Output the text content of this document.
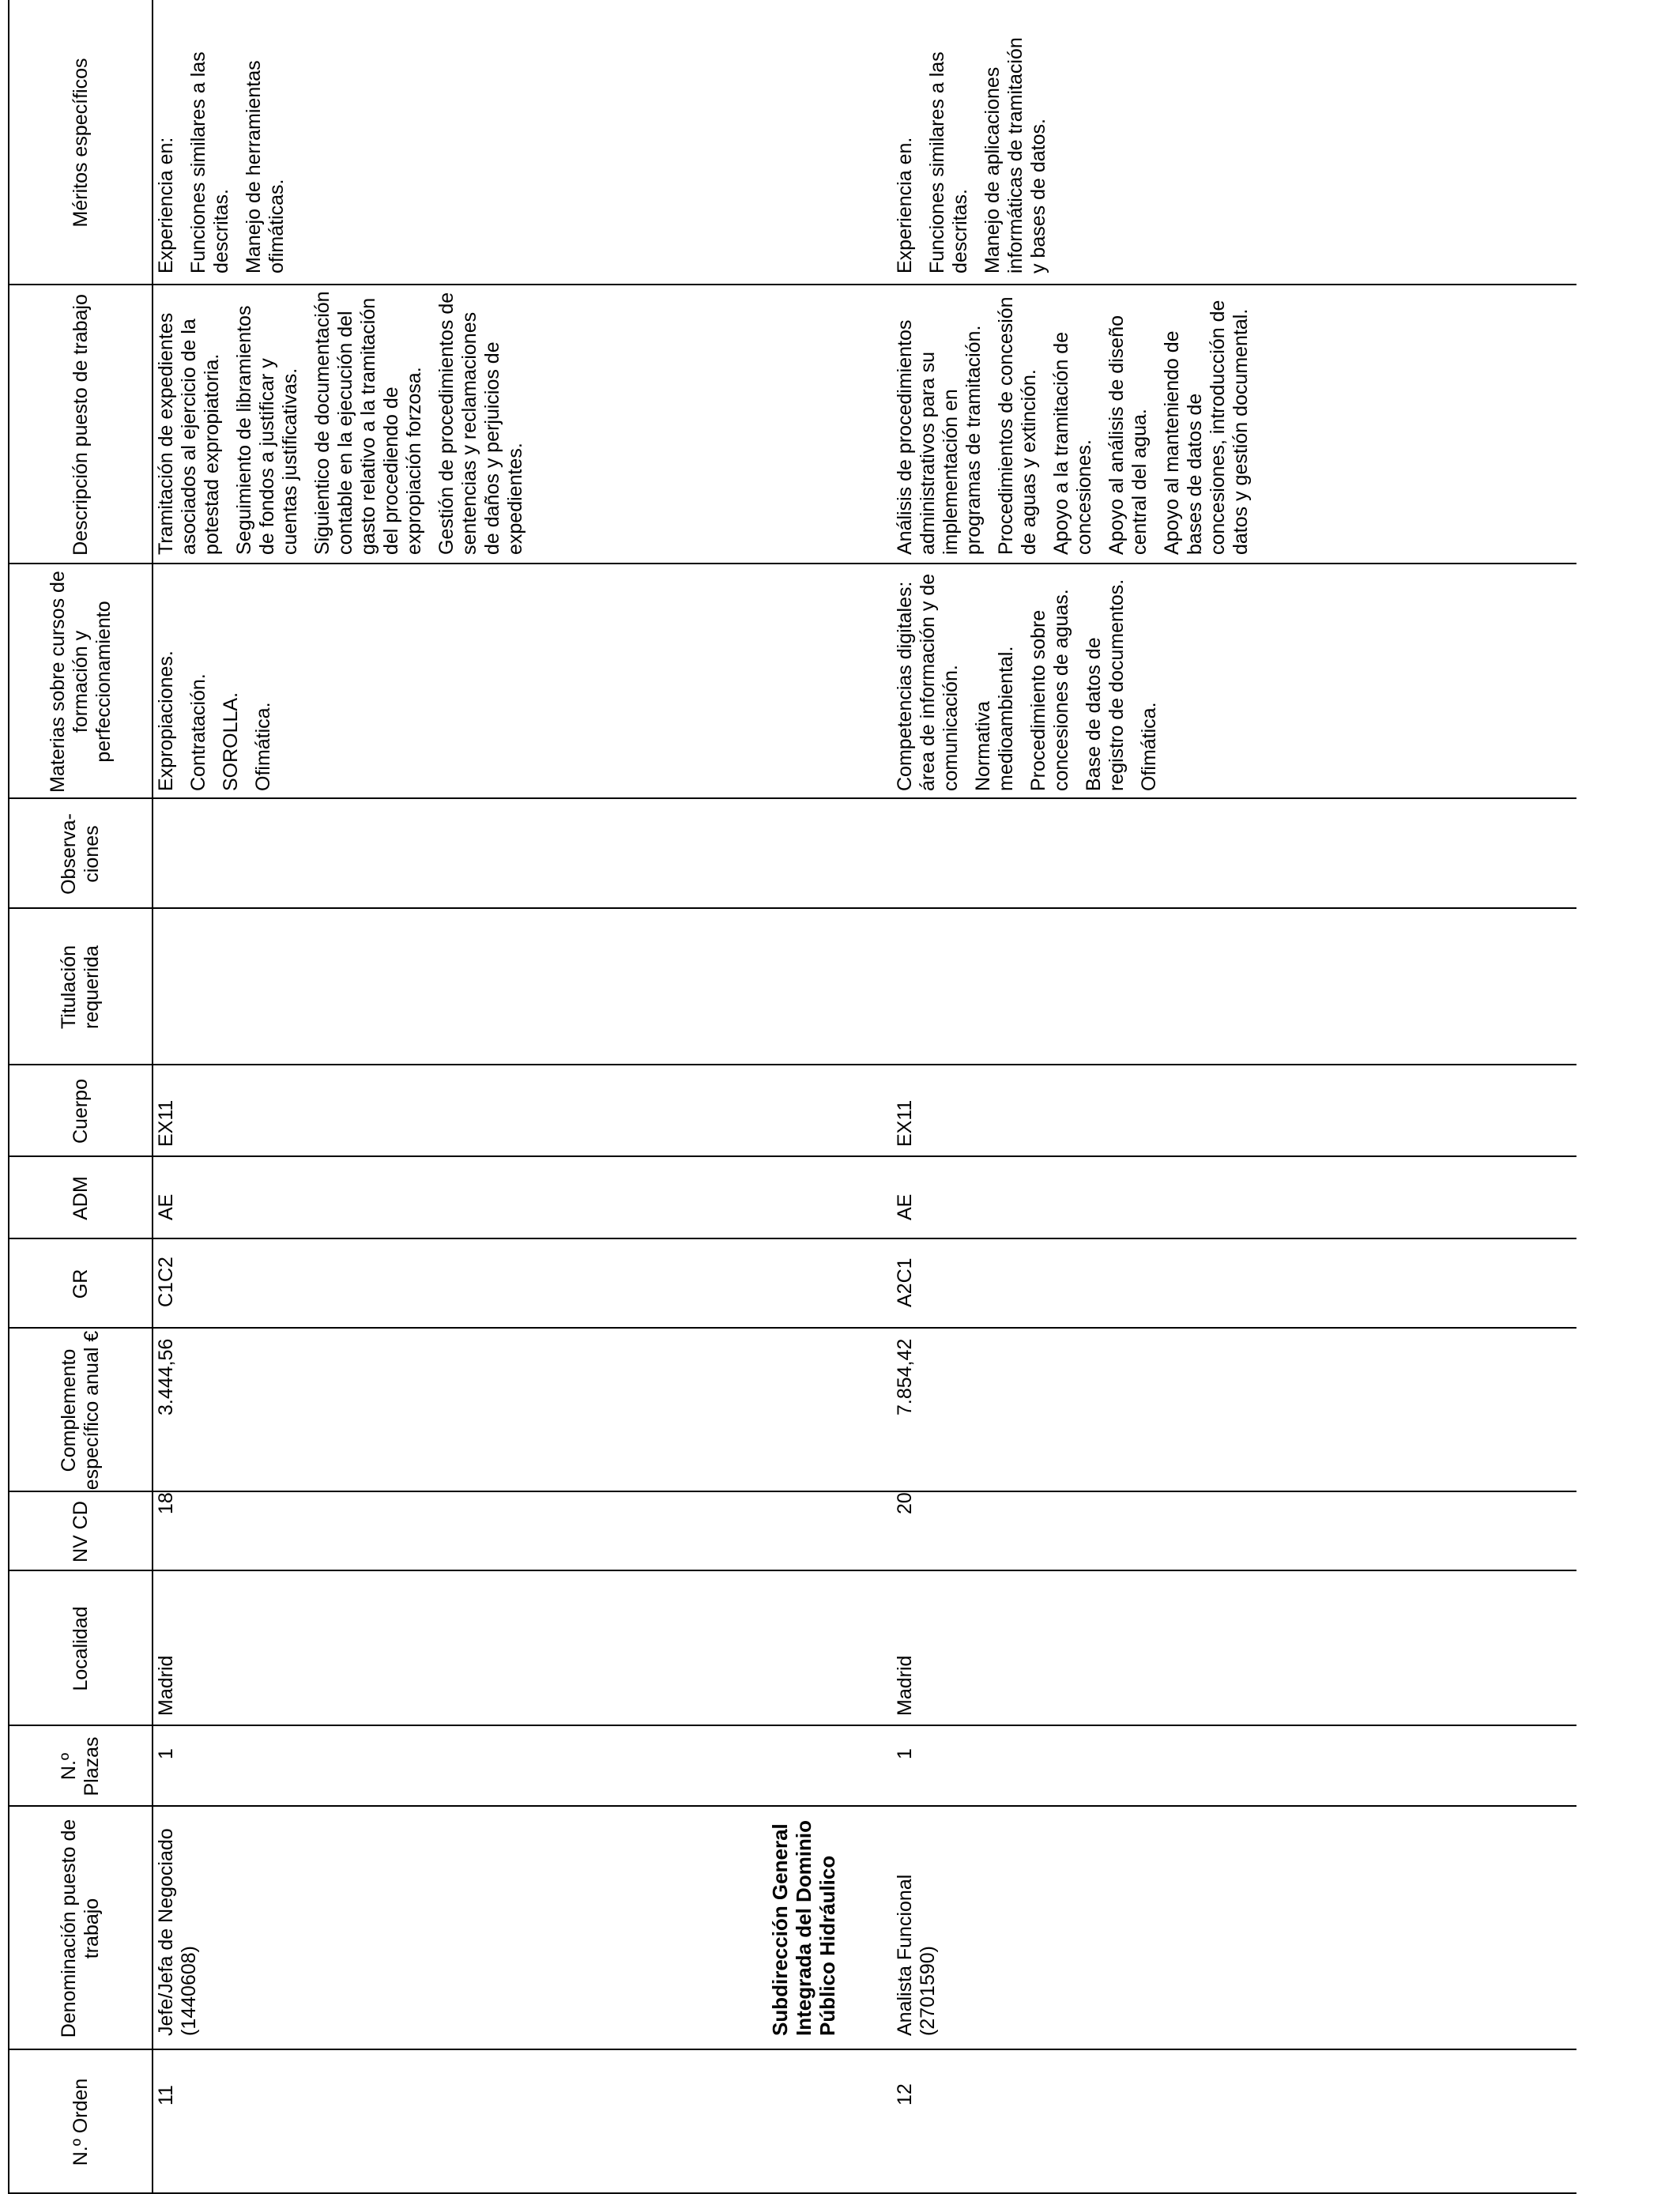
N.º Orden
Denominación puesto de trabajo
N.º Plazas
Localidad
NV CD
Complemento específico anual €
GR
ADM
Cuerpo
Titulación requerida
Observa- ciones
Materias sobre cursos de formación y perfeccionamiento
Descripción puesto de trabajo
Méritos específicos
11
Jefe/Jefa de Negociado (1440608)
1
Madrid
18
3.444,56
C1C2
AE
EX11

Expropiaciones. Contratación. SOROLLA. Ofimática.

Tramitación de expedientes asociados al ejercicio de la potestad expropiatoria. Seguimiento de libramientos de fondos a justificar y cuentas justificativas. Siguientico de documentación contable en la ejecución del gasto relativo a la tramitación del procediendo de expropiación forzosa. Gestión de procedimientos de sentencias y reclamaciones de daños y perjuicios de expedientes.

Experiencia en: Funciones similares a las descritas. Manejo de herramientas ofimáticas.

Subdirección General Integrada del Dominio Público Hidráulico
12
Analista Funcional (2701590)
1
Madrid
20
7.854,42
A2C1
AE
EX11

Competencias digitales: área de información y de comunicación. Normativa medioambiental. Procedimiento sobre concesiones de aguas. Base de datos de registro de documentos. Ofimática.

Análisis de procedimientos administrativos para su implementación en programas de tramitación. Procedimientos de concesión de aguas y extinción. Apoyo a la tramitación de concesiones. Apoyo al análisis de diseño central del agua. Apoyo al manteniendo de bases de datos de concesiones, introducción de datos y gestión documental.

Experiencia en. Funciones similares a las descritas. Manejo de aplicaciones informáticas de tramitación y bases de datos.
